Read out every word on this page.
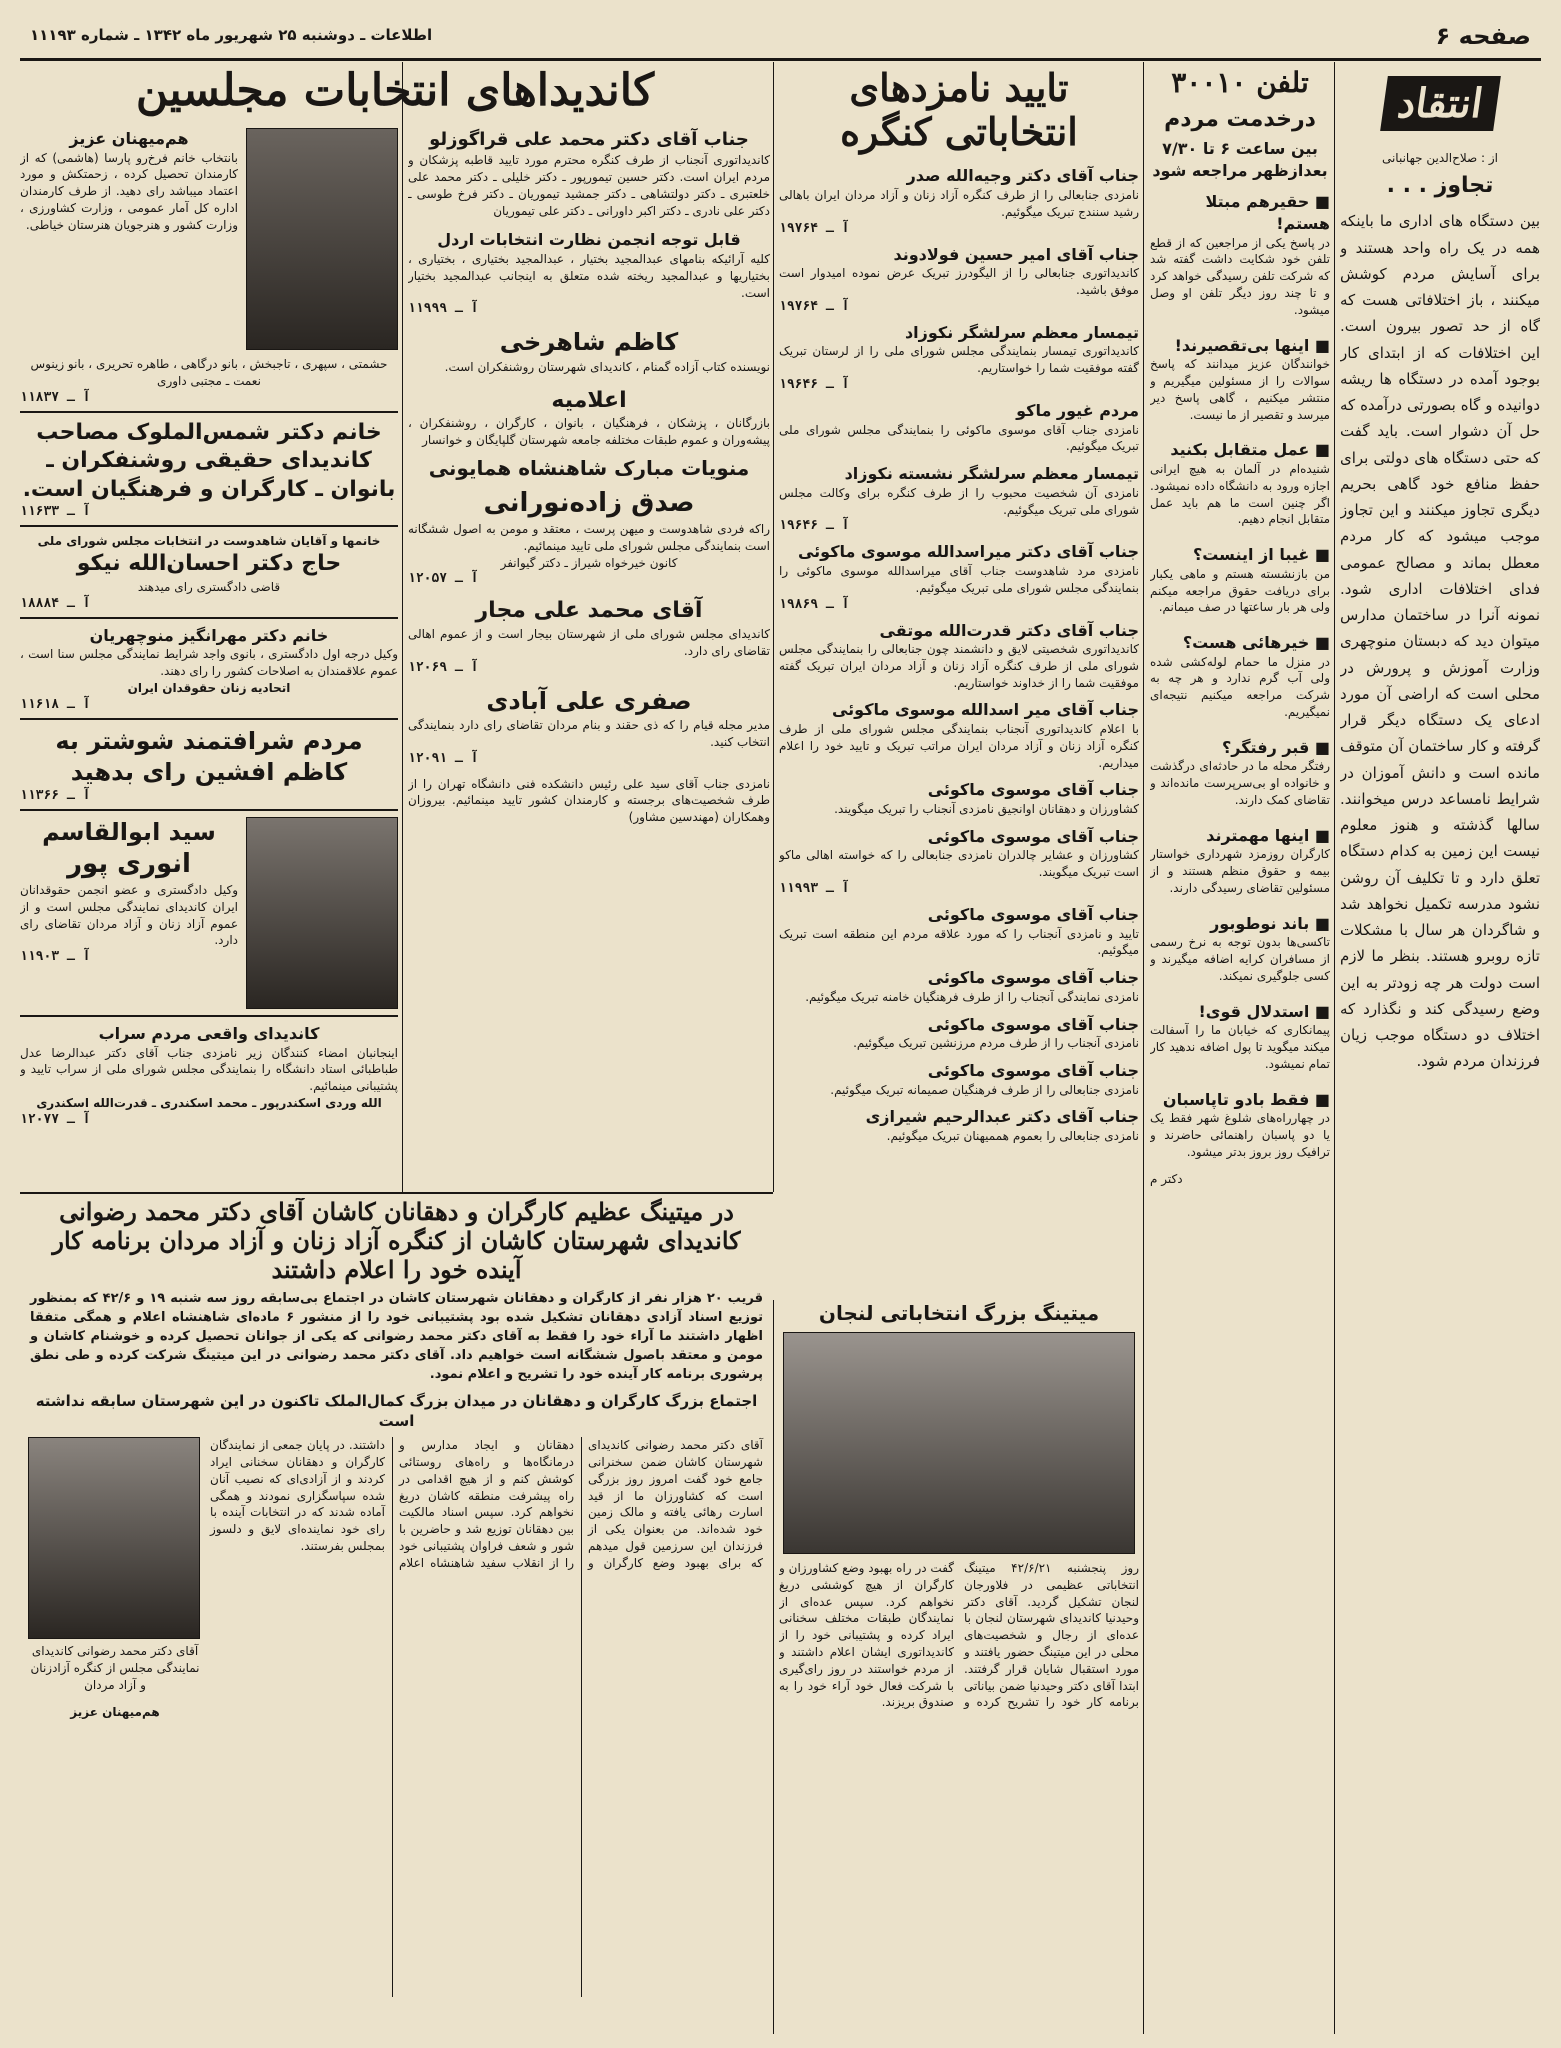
صفحه ۶
اطلاعات ـ دوشنبه ۲۵ شهریور ماه ۱۳۴۲ ـ شماره ۱۱۱۹۳
انتقاد
از : صلاح‌الدین جهانبانی
تجاوز . . .
بین دستگاه های اداری ما باینکه همه در یک راه واحد هستند و برای آسایش مردم کوشش میکنند ، باز اختلافاتی هست که گاه از حد تصور بیرون است. این اختلافات که از ابتدای کار بوجود آمده در دستگاه ها ریشه دوانیده و گاه بصورتی درآمده که حل آن دشوار است. باید گفت که حتی دستگاه های دولتی برای حفظ منافع خود گاهی بحریم دیگری تجاوز میکنند و این تجاوز موجب میشود که کار مردم معطل بماند و مصالح عمومی فدای اختلافات اداری شود. نمونه آنرا در ساختمان مدارس میتوان دید که دبستان منوچهری وزارت آموزش و پرورش در محلی است که اراضی آن مورد ادعای یک دستگاه دیگر قرار گرفته و کار ساختمان آن متوقف مانده است و دانش آموزان در شرایط نامساعد درس میخوانند. سالها گذشته و هنوز معلوم نیست این زمین به کدام دستگاه تعلق دارد و تا تکلیف آن روشن نشود مدرسه تکمیل نخواهد شد و شاگردان هر سال با مشکلات تازه روبرو هستند. بنظر ما لازم است دولت هر چه زودتر به این وضع رسیدگی کند و نگذارد که اختلاف دو دستگاه موجب زیان فرزندان مردم شود.
تلفن ۳۰۰۱۰
درخدمت مردم
بین ساعت ۶ تا ۷/۳۰ بعدازظهر مراجعه شود
■ حقیرهم مبتلا هستم!
در پاسخ یکی از مراجعین که از قطع تلفن خود شکایت داشت گفته شد که شرکت تلفن رسیدگی خواهد کرد و تا چند روز دیگر تلفن او وصل میشود.
■ اینها بی‌تقصیرند!
خوانندگان عزیز میدانند که پاسخ سوالات را از مسئولین میگیریم و منتشر میکنیم ، گاهی پاسخ دیر میرسد و تقصیر از ما نیست.
■ عمل متقابل بکنید
شنیده‌ام در آلمان به هیچ ایرانی اجازه ورود به دانشگاه داده نمیشود. اگر چنین است ما هم باید عمل متقابل انجام دهیم.
■ غیبا از اینست؟
من بازنشسته هستم و ماهی یکبار برای دریافت حقوق مراجعه میکنم ولی هر بار ساعتها در صف میمانم.
■ خیرهائی هست؟
در منزل ما حمام لوله‌کشی شده ولی آب گرم ندارد و هر چه به شرکت مراجعه میکنیم نتیجه‌ای نمیگیریم.
■ قبر رفتگر؟
رفتگر محله ما در حادثه‌ای درگذشت و خانواده او بی‌سرپرست مانده‌اند و تقاضای کمک دارند.
■ اینها مهمترند
کارگران روزمزد شهرداری خواستار بیمه و حقوق منظم هستند و از مسئولین تقاضای رسیدگی دارند.
■ باند نوطوبور
تاکسی‌ها بدون توجه به نرخ رسمی از مسافران کرایه اضافه میگیرند و کسی جلوگیری نمیکند.
■ استدلال قوی!
پیمانکاری که خیابان ما را آسفالت میکند میگوید تا پول اضافه ندهید کار تمام نمیشود.
■ فقط بادو تاپاسبان
در چهارراه‌های شلوغ شهر فقط یک یا دو پاسبان راهنمائی حاضرند و ترافیک روز بروز بدتر میشود.
دکتر م
تایید نامزدهای انتخاباتی کنگره
جناب آقای دکتر وجیه‌الله صدر
نامزدی جنابعالی را از طرف کنگره آزاد زنان و آزاد مردان ایران باهالی رشید سنندج تبریک میگوئیم.
آ ـ ۱۹۷۶۴
جناب آقای امیر حسین فولادوند
کاندیداتوری جنابعالی را از الیگودرز تبریک عرض نموده امیدوار است موفق باشید.
آ ـ ۱۹۷۶۴
تیمسار معظم سرلشگر نکوزاد
کاندیداتوری تیمسار بنمایندگی مجلس شورای ملی را از لرستان تبریک گفته موفقیت شما را خواستاریم.
آ ـ ۱۹۶۴۶
مردم غیور ماکو
نامزدی جناب آقای موسوی ماکوئی را بنمایندگی مجلس شورای ملی تبریک میگوئیم.
تیمسار معظم سرلشگر نشسته نکوزاد
نامزدی آن شخصیت محبوب را از طرف کنگره برای وکالت مجلس شورای ملی تبریک میگوئیم.
آ ـ ۱۹۶۴۶
جناب آقای دکتر میراسدالله موسوی ماکوئی
نامزدی مرد شاهدوست جناب آقای میراسدالله موسوی ماکوئی را بنمایندگی مجلس شورای ملی تبریک میگوئیم.
آ ـ ۱۹۸۶۹
جناب آقای دکتر قدرت‌الله موتقی
کاندیداتوری شخصیتی لایق و دانشمند چون جنابعالی را بنمایندگی مجلس شورای ملی از طرف کنگره آزاد زنان و آزاد مردان ایران تبریک گفته موفقیت شما را از خداوند خواستاریم.
جناب آقای میر اسدالله موسوی ماکوئی
با اعلام کاندیداتوری آنجناب بنمایندگی مجلس شورای ملی از طرف کنگره آزاد زنان و آزاد مردان ایران مراتب تبریک و تایید خود را اعلام میداریم.
جناب آقای موسوی ماکوئی
کشاورزان و دهقانان اوانجیق نامزدی آنجناب را تبریک میگویند.
جناب آقای موسوی ماکوئی
کشاورزان و عشایر چالدران نامزدی جنابعالی را که خواسته اهالی ماکو است تبریک میگویند.
آ ـ ۱۱۹۹۳
جناب آقای موسوی ماکوئی
تایید و نامزدی آنجناب را که مورد علاقه مردم این منطقه است تبریک میگوئیم.
جناب آقای موسوی ماکوئی
نامزدی نمایندگی آنجناب را از طرف فرهنگیان خامنه تبریک میگوئیم.
جناب آقای موسوی ماکوئی
نامزدی آنجناب را از طرف مردم مرزنشین تبریک میگوئیم.
جناب آقای موسوی ماکوئی
نامزدی جنابعالی را از طرف فرهنگیان صمیمانه تبریک میگوئیم.
جناب آقای دکتر عبدالرحیم شیرازی
نامزدی جنابعالی را بعموم هممیهنان تبریک میگوئیم.
کاندیداهای انتخابات مجلسین
جناب آقای دکتر محمد علی قراگوزلو
کاندیداتوری آنجناب از طرف کنگره محترم مورد تایید قاطبه پزشکان و مردم ایران است. دکتر حسین تیمورپور ـ دکتر خلیلی ـ دکتر محمد علی خلعتبری ـ دکتر دولتشاهی ـ دکتر جمشید تیموریان ـ دکتر فرخ طوسی ـ دکتر علی نادری ـ دکتر اکبر داورانی ـ دکتر علی تیموریان
قابل توجه انجمن نظارت انتخابات اردل
کلیه آرائیکه بنامهای عبدالمجید بختیار ، عبدالمجید بختیاری ، بختیاری ، بختیاریها و عبدالمجید ریخته شده متعلق به اینجانب عبدالمجید بختیار است.
آ ـ ۱۱۹۹۹
کاظم شاهرخی
نویسنده کتاب آزاده گمنام ، کاندیدای شهرستان روشنفکران است.
اعلامیه
بازرگانان ، پزشکان ، فرهنگیان ، بانوان ، کارگران ، روشنفکران ، پیشه‌وران و عموم طبقات مختلفه جامعه شهرستان گلپایگان و خوانسار
منویات مبارک شاهنشاه همایونی
صدق زاده‌نورانی
راکه فردی شاهدوست و میهن پرست ، معتقد و مومن به اصول ششگانه است بنمایندگی مجلس شورای ملی تایید مینمائیم.
کانون خیرخواه شیراز ـ دکتر گیوانفر
آ ـ ۱۲۰۵۷
آقای محمد علی مجار
کاندیدای مجلس شورای ملی از شهرستان بیجار است و از عموم اهالی تقاضای رای دارد.
آ ـ ۱۲۰۶۹
صفری علی آبادی
مدیر مجله قیام را که ذی حقند و بنام مردان تقاضای رای دارد بنمایندگی انتخاب کنید.
آ ـ ۱۲۰۹۱
نامزدی جناب آقای سید علی رئیس دانشکده فنی دانشگاه تهران را از طرف شخصیت‌های برجسته و کارمندان کشور تایید مینمائیم. بیروزان وهمکاران (مهندسین مشاور)
هم‌میهنان عزیز
بانتخاب خانم فرخ‌رو پارسا (هاشمی) که از کارمندان تحصیل کرده ، زحمتکش و مورد اعتماد میباشد رای دهید. از طرف کارمندان اداره کل آمار عمومی ، وزارت کشاورزی ، وزارت کشور و هنرجویان هنرستان خیاطی.
حشمتی ، سپهری ، تاجبخش ، بانو درگاهی ، طاهره تحریری ، بانو زینوس نعمت ـ مجتبی داوری
آ ـ ۱۱۸۳۷
خانم دکتر شمس‌الملوک مصاحب کاندیدای حقیقی روشنفکران ـ بانوان ـ کارگران و فرهنگیان است.
آ ـ ۱۱۶۳۳
خانمها و آقایان شاهدوست در انتخابات مجلس شورای ملی
حاج دکتر احسان‌الله نیکو
قاضی دادگستری رای میدهند
آ ـ ۱۸۸۸۴
خانم دکتر مهرانگیز منوچهریان
وکیل درجه اول دادگستری ، بانوی واجد شرایط نمایندگی مجلس سنا است ، عموم علاقمندان به اصلاحات کشور را رای دهند.
اتحادیه زنان حقوقدان ایران
آ ـ ۱۱۶۱۸
مردم شرافتمند شوشتر به کاظم افشین رای بدهید
آ ـ ۱۱۳۶۶
سید ابوالقاسم
انوری پور
وکیل دادگستری و عضو انجمن حقوقدانان ایران کاندیدای نمایندگی مجلس است و از عموم آزاد زنان و آزاد مردان تقاضای رای دارد.
آ ـ ۱۱۹۰۳
کاندیدای واقعی مردم سراب
اینجانبان امضاء کنندگان زیر نامزدی جناب آقای دکتر عبدالرضا عدل طباطبائی استاد دانشگاه را بنمایندگی مجلس شورای ملی از سراب تایید و پشتیبانی مینمائیم.
الله وردی اسکندرپور ـ محمد اسکندری ـ قدرت‌الله اسکندری
آ ـ ۱۲۰۷۷
در میتینگ عظیم کارگران و دهقانان کاشان آقای دکتر محمد رضوانی کاندیدای شهرستان کاشان از کنگره آزاد زنان و آزاد مردان برنامه کار آینده خود را اعلام داشتند
قریب ۲۰ هزار نفر از کارگران و دهقانان شهرستان کاشان در اجتماع بی‌سابقه روز سه شنبه ۱۹ و ۴۲/۶ که بمنظور توزیع اسناد آزادی دهقانان تشکیل شده بود پشتیبانی خود را از منشور ۶ ماده‌ای شاهنشاه اعلام و همگی متفقا اظهار داشتند ما آراء خود را فقط به آقای دکتر محمد رضوانی که یکی از جوانان تحصیل کرده و خوشنام کاشان و مومن و معتقد باصول ششگانه است خواهیم داد. آقای دکتر محمد رضوانی در این میتینگ شرکت کرده و طی نطق پرشوری برنامه کار آینده خود را تشریح و اعلام نمود.
اجتماع بزرگ کارگران و دهقانان در میدان بزرگ کمال‌الملک تاکنون در این شهرستان سابقه نداشته است
آقای دکتر محمد رضوانی کاندیدای شهرستان کاشان ضمن سخنرانی جامع خود گفت امروز روز بزرگی است که کشاورزان ما از قید اسارت رهائی یافته و مالک زمین خود شده‌اند. من بعنوان یکی از فرزندان این سرزمین قول میدهم که برای بهبود وضع کارگران و دهقانان و ایجاد مدارس و درمانگاه‌ها و راه‌های روستائی کوشش کنم و از هیچ اقدامی در راه پیشرفت منطقه کاشان دریغ نخواهم کرد. سپس اسناد مالکیت بین دهقانان توزیع شد و حاضرین با شور و شعف فراوان پشتیبانی خود را از انقلاب سفید شاهنشاه اعلام داشتند. در پایان جمعی از نمایندگان کارگران و دهقانان سخنانی ایراد کردند و از آزادی‌ای که نصیب آنان شده سپاسگزاری نمودند و همگی آماده شدند که در انتخابات آینده با رای خود نماینده‌ای لایق و دلسوز بمجلس بفرستند.
آقای دکتر محمد رضوانی کاندیدای نمایندگی مجلس از کنگره آزادزنان و آزاد مردان
هم‌میهنان عزیز
میتینگ بزرگ انتخاباتی لنجان
روز پنجشنبه ۴۲/۶/۲۱ میتینگ انتخاباتی عظیمی در فلاورجان لنجان تشکیل گردید. آقای دکتر وحیدنیا کاندیدای شهرستان لنجان با عده‌ای از رجال و شخصیت‌های محلی در این میتینگ حضور یافتند و مورد استقبال شایان قرار گرفتند. ابتدا آقای دکتر وحیدنیا ضمن بیاناتی برنامه کار خود را تشریح کرده و گفت در راه بهبود وضع کشاورزان و کارگران از هیچ کوششی دریغ نخواهم کرد. سپس عده‌ای از نمایندگان طبقات مختلف سخنانی ایراد کرده و پشتیبانی خود را از کاندیداتوری ایشان اعلام داشتند و از مردم خواستند در روز رای‌گیری با شرکت فعال خود آراء خود را به صندوق بریزند.
